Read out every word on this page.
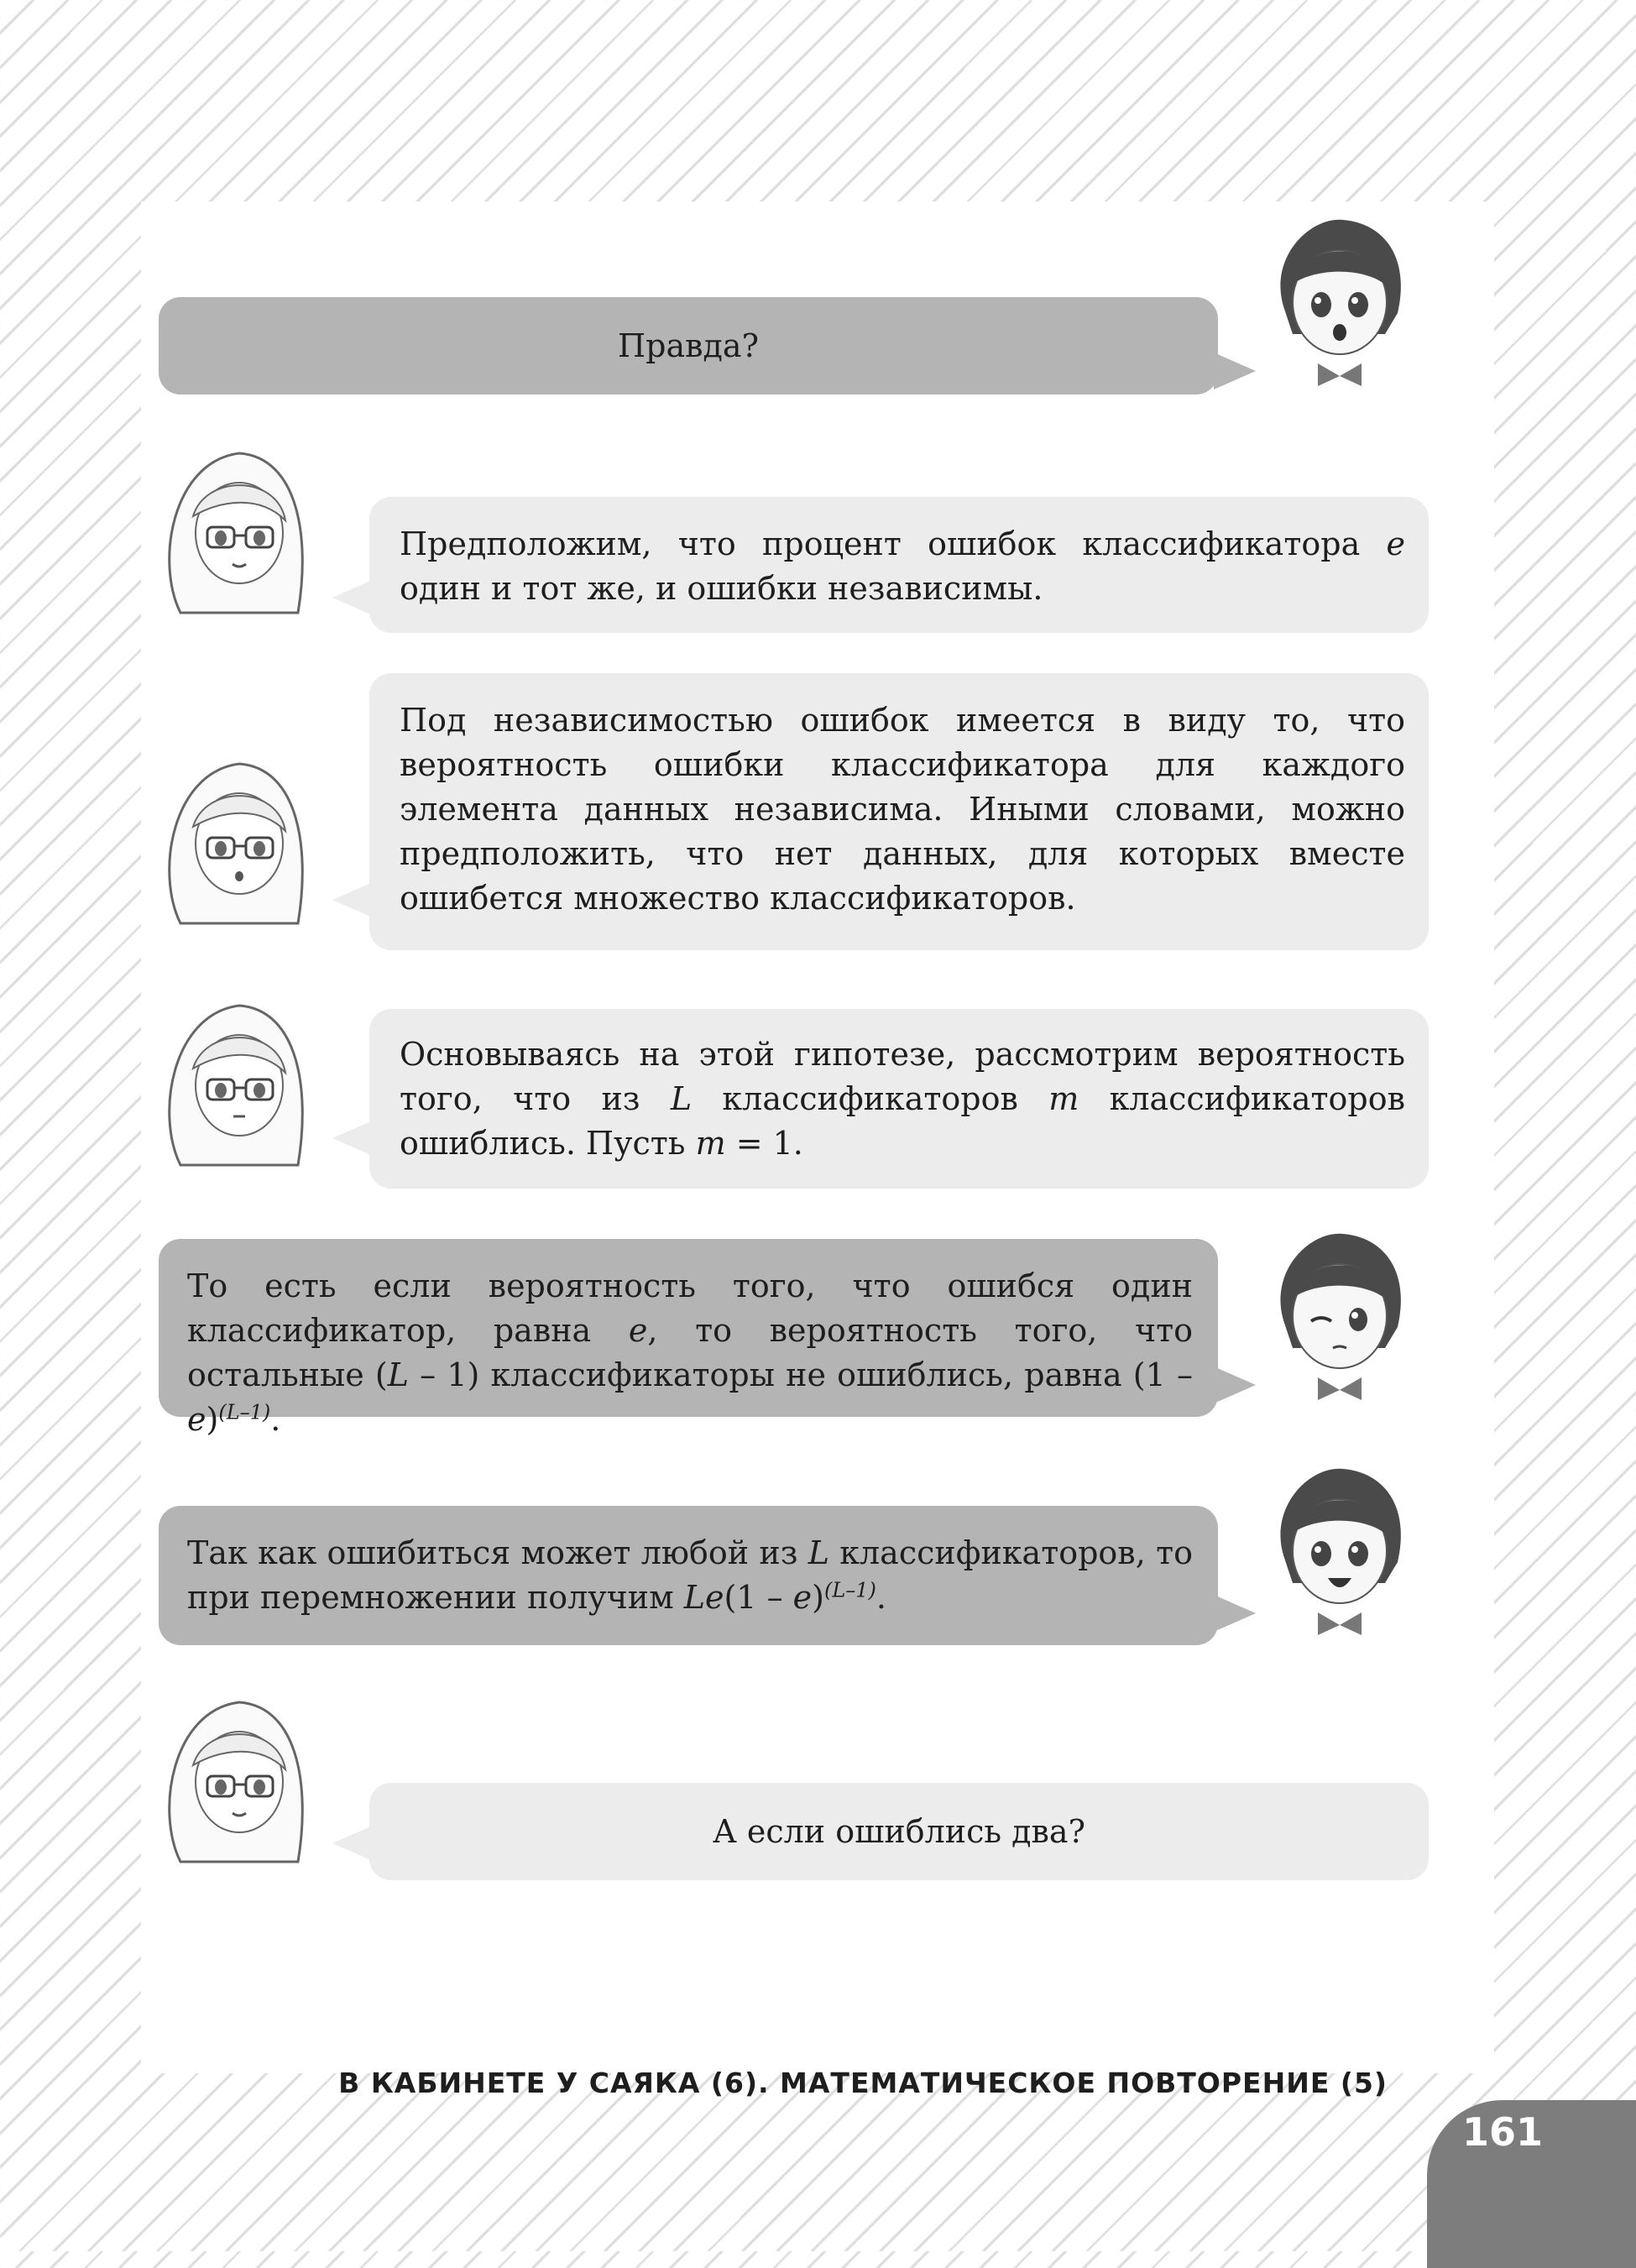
Правда?
Предположим, что процент ошибок классификатора e один и тот же, и ошибки независимы.
Под независимостью ошибок имеется в виду то, что вероятность ошибки классификатора для каждого элемента данных независима. Иными словами, можно предположить, что нет данных, для которых вместе ошибется множество классификаторов.
Основываясь на этой гипотезе, рассмотрим вероятность того, что из L классификаторов m классификаторов ошиблись. Пусть m = 1.
То есть если вероятность того, что ошибся один классификатор, равна e, то вероятность того, что остальные (L – 1) классификаторы не ошиблись, равна (1 – e)$^{(L-1)}$.
Так как ошибиться может любой из L классификаторов, то при перемножении получим Le(1 – e)$^{(L-1)}$.
А если ошиблись два?
В КАБИНЕТЕ У САЯКА (6). МАТЕМАТИЧЕСКОЕ ПОВТОРЕНИЕ (5)
161
